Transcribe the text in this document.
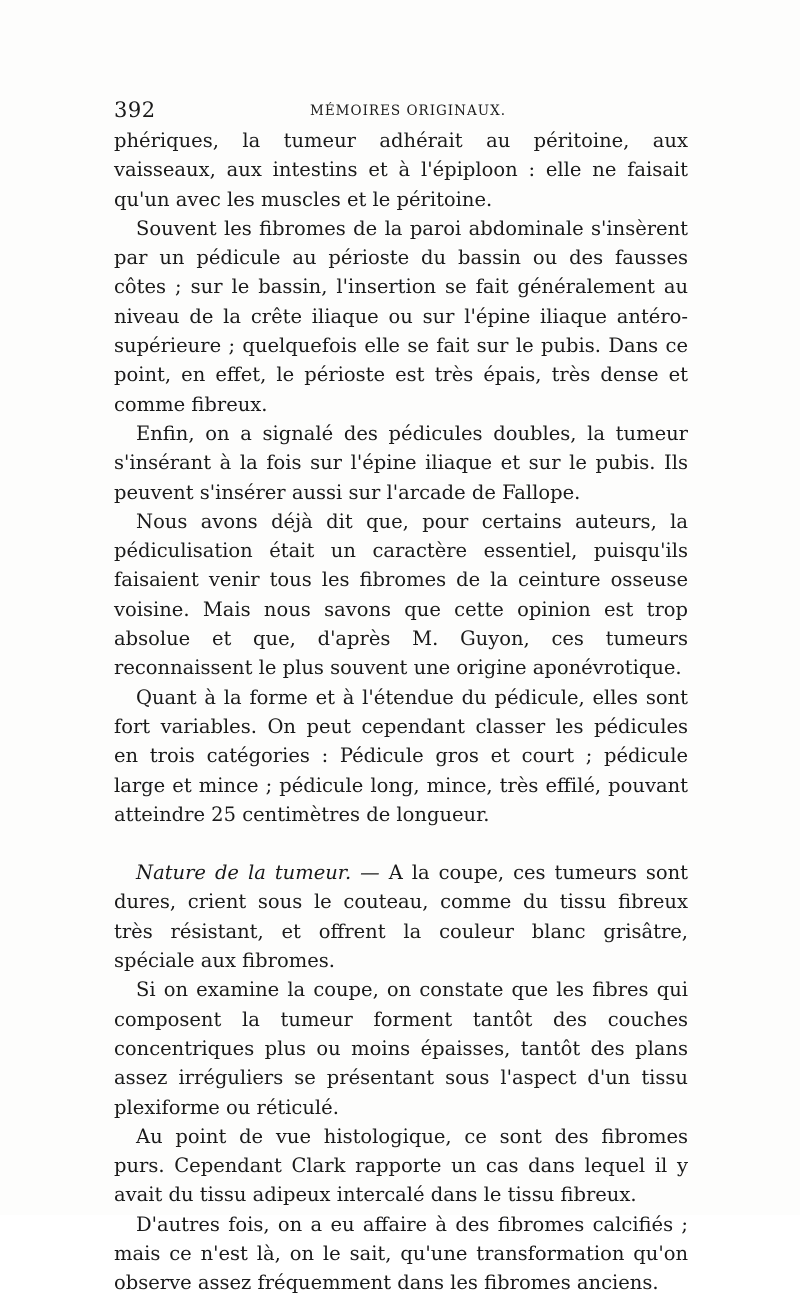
392	MÉMOIRES ORIGINAUX.

phériques, la tumeur adhérait au péritoine, aux vaisseaux, aux intestins et à l'épiploon : elle ne faisait qu'un avec les muscles et le péritoine.

Souvent les fibromes de la paroi abdominale s'insèrent par un pédicule au périoste du bassin ou des fausses côtes ; sur le bassin, l'insertion se fait généralement au niveau de la crête iliaque ou sur l'épine iliaque antéro-supérieure ; quelquefois elle se fait sur le pubis. Dans ce point, en effet, le périoste est très épais, très dense et comme fibreux.

Enfin, on a signalé des pédicules doubles, la tumeur s'insérant à la fois sur l'épine iliaque et sur le pubis. Ils peuvent s'insérer aussi sur l'arcade de Fallope.

Nous avons déjà dit que, pour certains auteurs, la pédiculisation était un caractère essentiel, puisqu'ils faisaient venir tous les fibromes de la ceinture osseuse voisine. Mais nous savons que cette opinion est trop absolue et que, d'après M. Guyon, ces tumeurs reconnaissent le plus souvent une origine aponévrotique.

Quant à la forme et à l'étendue du pédicule, elles sont fort variables. On peut cependant classer les pédicules en trois catégories : Pédicule gros et court ; pédicule large et mince ; pédicule long, mince, très effilé, pouvant atteindre 25 centimètres de longueur.

Nature de la tumeur. — A la coupe, ces tumeurs sont dures, crient sous le couteau, comme du tissu fibreux très résistant, et offrent la couleur blanc grisâtre, spéciale aux fibromes.

Si on examine la coupe, on constate que les fibres qui composent la tumeur forment tantôt des couches concentriques plus ou moins épaisses, tantôt des plans assez irréguliers se présentant sous l'aspect d'un tissu plexiforme ou réticulé.

Au point de vue histologique, ce sont des fibromes purs. Cependant Clark rapporte un cas dans lequel il y avait du tissu adipeux intercalé dans le tissu fibreux.

D'autres fois, on a eu affaire à des fibromes calcifiés ; mais ce n'est là, on le sait, qu'une transformation qu'on observe assez fréquemment dans les fibromes anciens.
